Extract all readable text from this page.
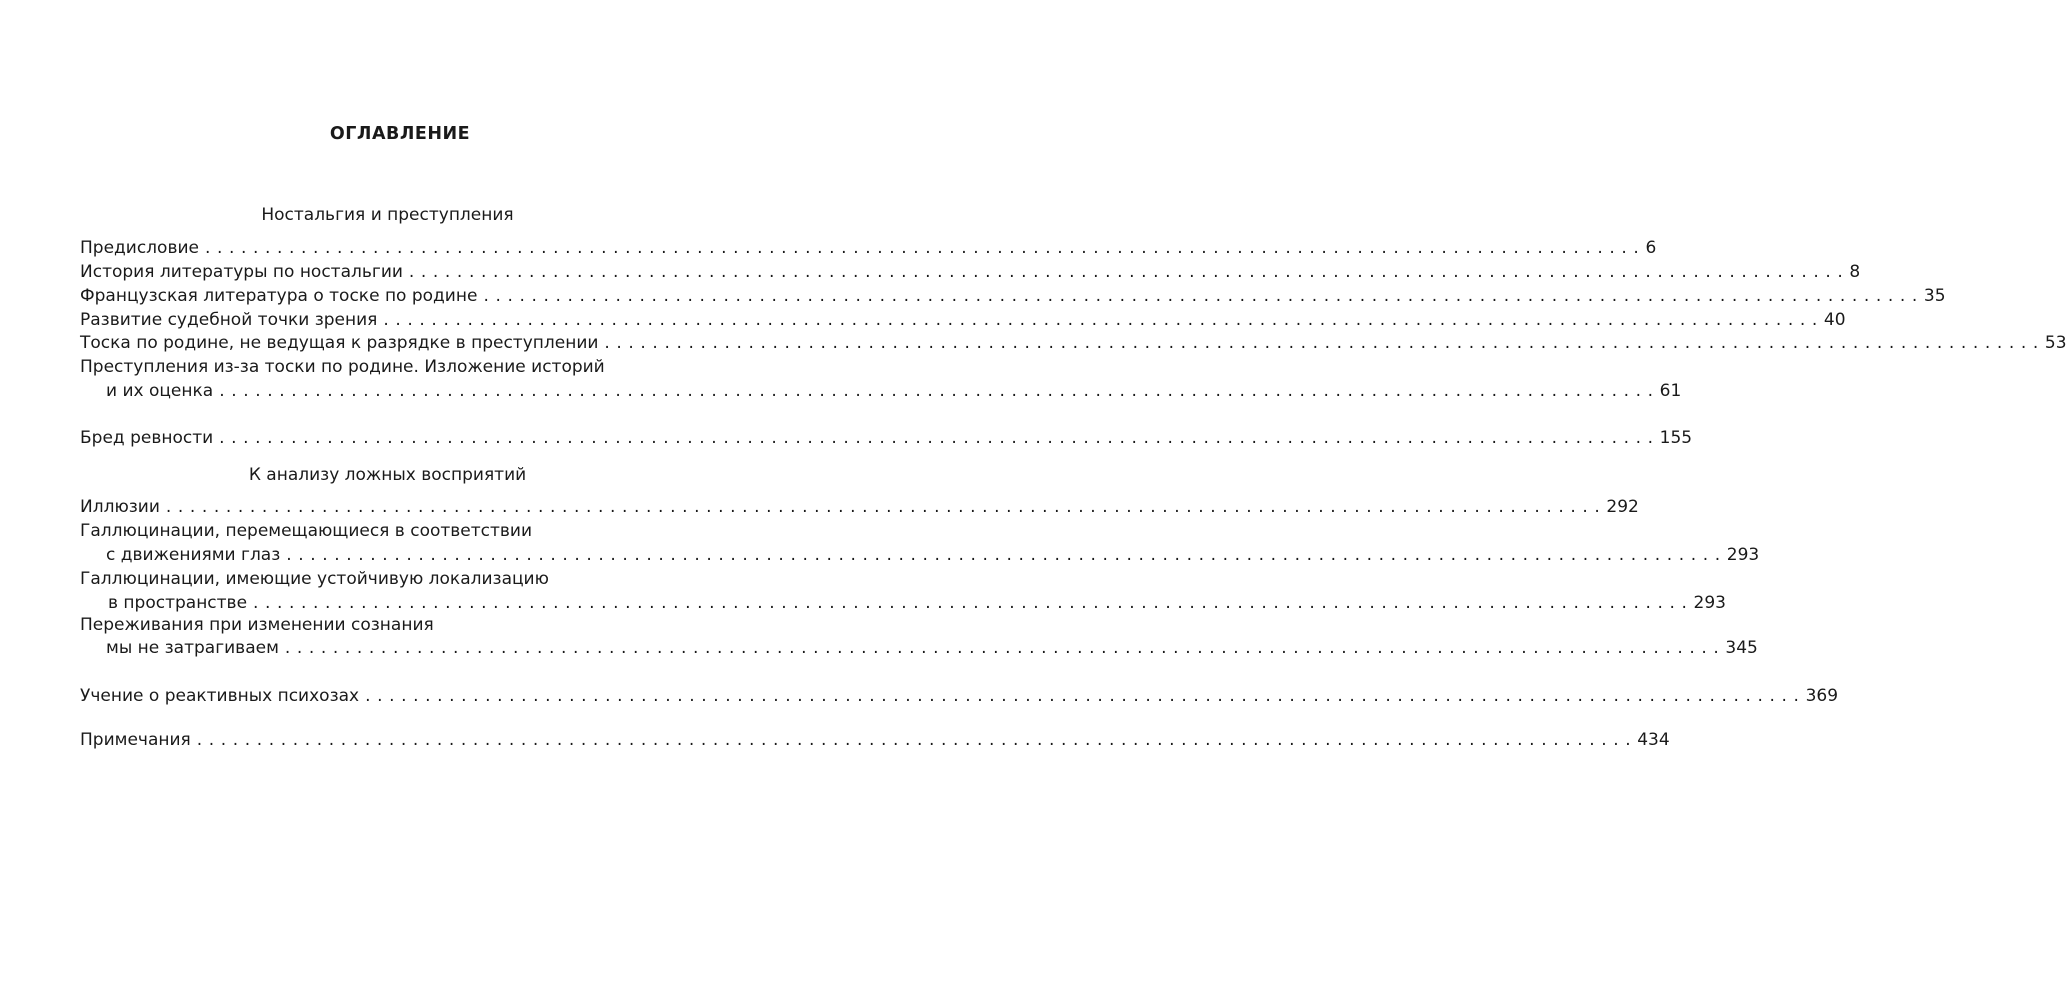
ОГЛАВЛЕНИЕ
Ностальгия и преступления
Предисловие ........................................................................................................................ 6
История литературы по ностальгии ........................................................................................................................ 8
Французская литература о тоске по родине ........................................................................................................................ 35
Развитие судебной точки зрения ........................................................................................................................ 40
Тоска по родине, не ведущая к разрядке в преступлении ........................................................................................................................ 53
Преступления из-за тоски по родине. Изложение историй
и их оценка ........................................................................................................................ 61
Бред ревности ........................................................................................................................ 155
К анализу ложных восприятий
Иллюзии ........................................................................................................................ 292
Галлюцинации, перемещающиеся в соответствии
с движениями глаз ........................................................................................................................ 293
Галлюцинации, имеющие устойчивую локализацию
в пространстве ........................................................................................................................ 293
Переживания при изменении сознания
мы не затрагиваем ........................................................................................................................ 345
Учение о реактивных психозах ........................................................................................................................ 369
Примечания ........................................................................................................................ 434
